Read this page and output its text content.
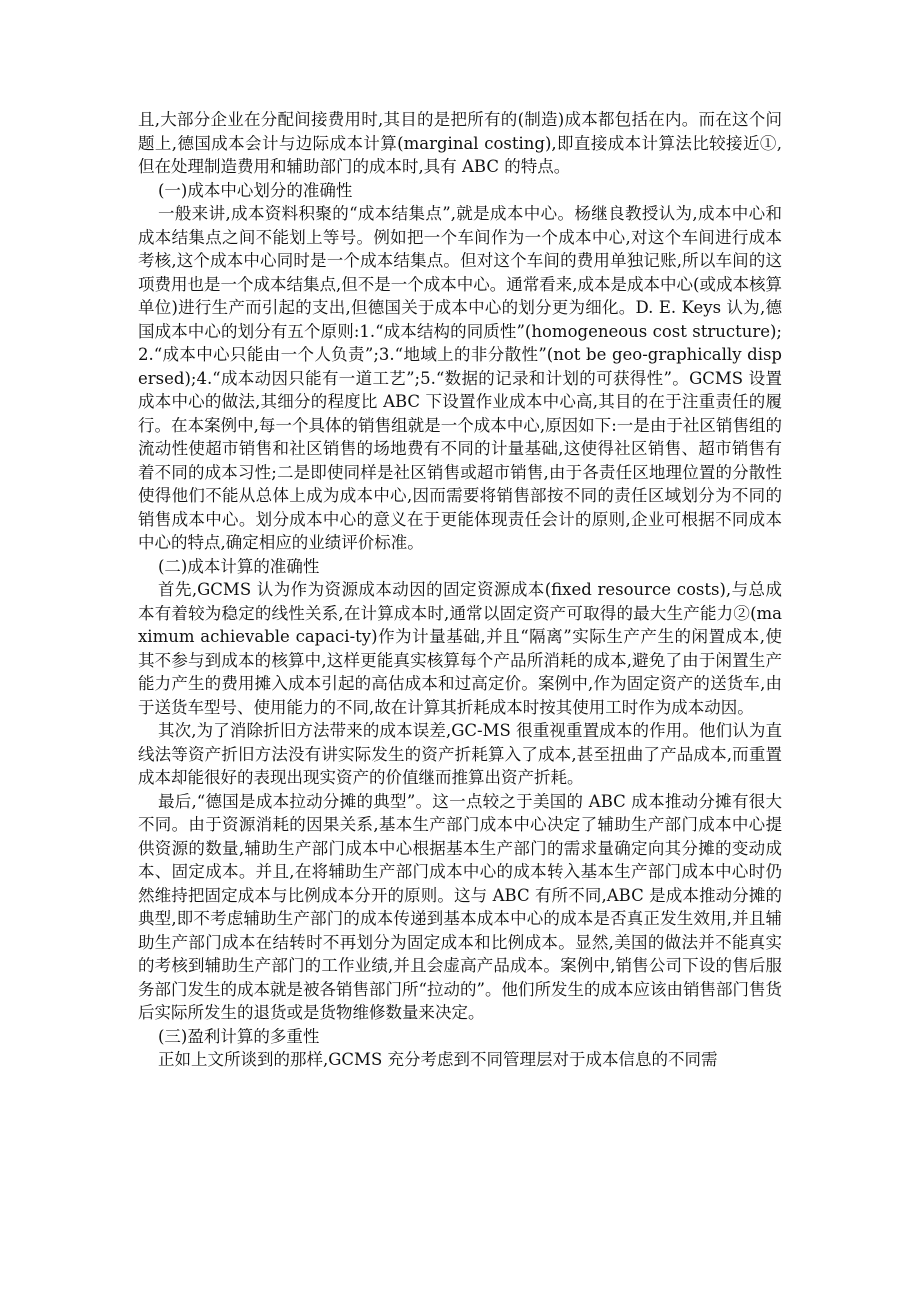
且,大部分企业在分配间接费用时,其目的是把所有的(制造)成本都包括在内。而在这个问题上,德国成本会计与边际成本计算(marginal costing),即直接成本计算法比较接近①,但在处理制造费用和辅助部门的成本时,具有 ABC 的特点。

(一)成本中心划分的准确性

一般来讲,成本资料积聚的“成本结集点”,就是成本中心。杨继良教授认为,成本中心和成本结集点之间不能划上等号。例如把一个车间作为一个成本中心,对这个车间进行成本考核,这个成本中心同时是一个成本结集点。但对这个车间的费用单独记账,所以车间的这项费用也是一个成本结集点,但不是一个成本中心。通常看来,成本是成本中心(或成本核算单位)进行生产而引起的支出,但德国关于成本中心的划分更为细化。D. E. Keys 认为,德国成本中心的划分有五个原则:1.“成本结构的同质性”(homogeneous cost structure);2.“成本中心只能由一个人负责”;3.“地域上的非分散性”(not be geo-graphically dispersed);4.“成本动因只能有一道工艺”;5.“数据的记录和计划的可获得性”。GCMS 设置成本中心的做法,其细分的程度比 ABC 下设置作业成本中心高,其目的在于注重责任的履行。在本案例中,每一个具体的销售组就是一个成本中心,原因如下:一是由于社区销售组的流动性使超市销售和社区销售的场地费有不同的计量基础,这使得社区销售、超市销售有着不同的成本习性;二是即使同样是社区销售或超市销售,由于各责任区地理位置的分散性使得他们不能从总体上成为成本中心,因而需要将销售部按不同的责任区域划分为不同的销售成本中心。划分成本中心的意义在于更能体现责任会计的原则,企业可根据不同成本中心的特点,确定相应的业绩评价标准。

(二)成本计算的准确性

首先,GCMS 认为作为资源成本动因的固定资源成本(fixed resource costs),与总成本有着较为稳定的线性关系,在计算成本时,通常以固定资产可取得的最大生产能力②(maximum achievable capaci-ty)作为计量基础,并且“隔离”实际生产产生的闲置成本,使其不参与到成本的核算中,这样更能真实核算每个产品所消耗的成本,避免了由于闲置生产能力产生的费用摊入成本引起的高估成本和过高定价。案例中,作为固定资产的送货车,由于送货车型号、使用能力的不同,故在计算其折耗成本时按其使用工时作为成本动因。

其次,为了消除折旧方法带来的成本误差,GC-MS 很重视重置成本的作用。他们认为直线法等资产折旧方法没有讲实际发生的资产折耗算入了成本,甚至扭曲了产品成本,而重置成本却能很好的表现出现实资产的价值继而推算出资产折耗。

最后,“德国是成本拉动分摊的典型”。这一点较之于美国的 ABC 成本推动分摊有很大不同。由于资源消耗的因果关系,基本生产部门成本中心决定了辅助生产部门成本中心提供资源的数量,辅助生产部门成本中心根据基本生产部门的需求量确定向其分摊的变动成本、固定成本。并且,在将辅助生产部门成本中心的成本转入基本生产部门成本中心时仍然维持把固定成本与比例成本分开的原则。这与 ABC 有所不同,ABC 是成本推动分摊的典型,即不考虑辅助生产部门的成本传递到基本成本中心的成本是否真正发生效用,并且辅助生产部门成本在结转时不再划分为固定成本和比例成本。显然,美国的做法并不能真实的考核到辅助生产部门的工作业绩,并且会虚高产品成本。案例中,销售公司下设的售后服务部门发生的成本就是被各销售部门所“拉动的”。他们所发生的成本应该由销售部门售货后实际所发生的退货或是货物维修数量来决定。

(三)盈利计算的多重性

正如上文所谈到的那样,GCMS 充分考虑到不同管理层对于成本信息的不同需
